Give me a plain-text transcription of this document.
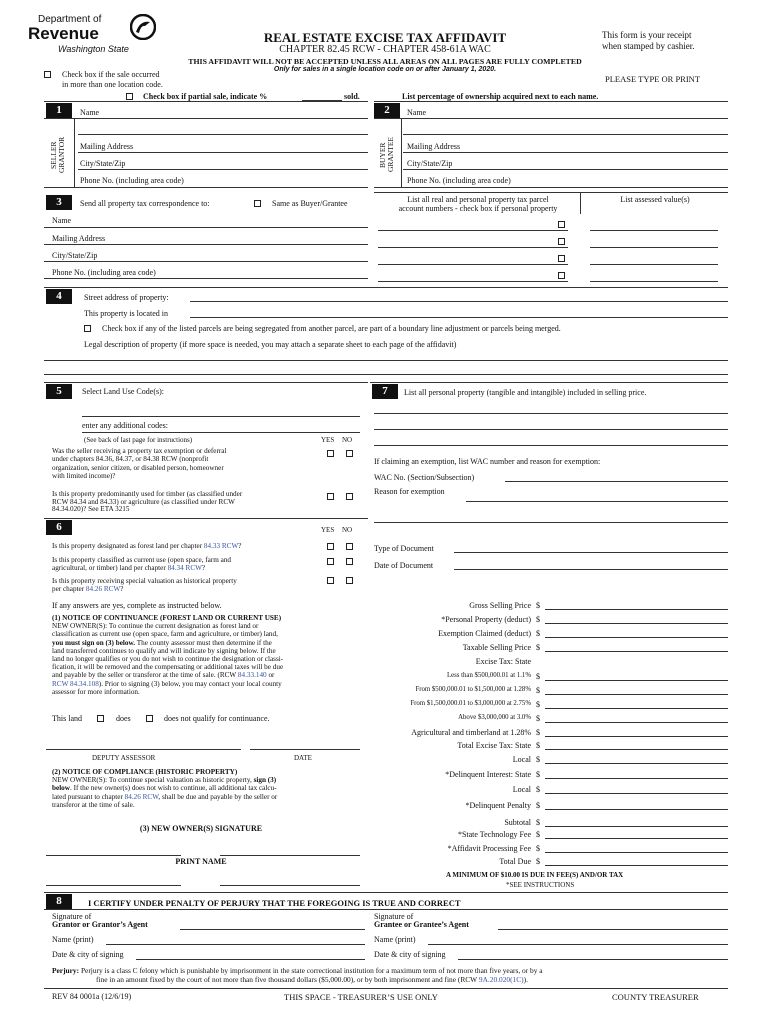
Department of
Revenue
Washington State
REAL ESTATE EXCISE TAX AFFIDAVIT
CHAPTER 82.45 RCW - CHAPTER 458-61A WAC
This form is your receipt
when stamped by cashier.
THIS AFFIDAVIT WILL NOT BE ACCEPTED UNLESS ALL AREAS ON ALL PAGES ARE FULLY COMPLETED
Only for sales in a single location code on or after January 1, 2020.
PLEASE TYPE OR PRINT
Check box if the sale occurred
in more than one location code.
Check box if partial sale, indicate %	sold.	List percentage of ownership acquired next to each name.
1	Name
SELLER GRANTOR Mailing Address
City/State/Zip
Phone No. (including area code)
2	Name
BUYER GRANTEE Mailing Address
City/State/Zip
Phone No. (including area code)
3	Send all property tax correspondence to:	Same as Buyer/Grantee
Name
Mailing Address
City/State/Zip
Phone No. (including area code)
List all real and personal property tax parcel
account numbers - check box if personal property
List assessed value(s)
4	Street address of property:
This property is located in
Check box if any of the listed parcels are being segregated from another parcel, are part of a boundary line adjustment or parcels being merged.
Legal description of property (if more space is needed, you may attach a separate sheet to each page of the affidavit)
5	Select Land Use Code(s):
enter any additional codes:
(See back of last page for instructions)	YES NO
Was the seller receiving a property tax exemption or deferral
under chapters 84.36, 84.37, or 84.38 RCW (nonprofit
organization, senior citizen, or disabled person, homeowner
with limited income)?
Is this property predominantly used for timber (as classified under
RCW 84.34 and 84.33) or agriculture (as classified under RCW
84.34.020)? See ETA 3215
6	YES NO
Is this property designated as forest land per chapter 84.33 RCW?
Is this property classified as current use (open space, farm and
agricultural, or timber) land per chapter 84.34 RCW?
Is this property receiving special valuation as historical property
per chapter 84.26 RCW?
If any answers are yes, complete as instructed below.
(1) NOTICE OF CONTINUANCE (FOREST LAND OR CURRENT USE)
NEW OWNER(S): To continue the current designation as forest land or
classification as current use (open space, farm and agriculture, or timber) land,
you must sign on (3) below. The county assessor must then determine if the
land transferred continues to qualify and will indicate by signing below. If the
land no longer qualifies or you do not wish to continue the designation or classi-
fication, it will be removed and the compensating or additional taxes will be due
and payable by the seller or transferor at the time of sale. (RCW 84.33.140 or
RCW 84.34.108). Prior to signing (3) below, you may contact your local county
assessor for more information.
This land	does	does not qualify for continuance.
DEPUTY ASSESSOR	DATE
(2) NOTICE OF COMPLIANCE (HISTORIC PROPERTY)
NEW OWNER(S): To continue special valuation as historic property, sign (3)
below. If the new owner(s) does not wish to continue, all additional tax calcu-
lated pursuant to chapter 84.26 RCW, shall be due and payable by the seller or
transferor at the time of sale.
(3) NEW OWNER(S) SIGNATURE
PRINT NAME
7	List all personal property (tangible and intangible) included in selling price.
If claiming an exemption, list WAC number and reason for exemption:
WAC No. (Section/Subsection)
Reason for exemption
Type of Document
Date of Document
Gross Selling Price $
*Personal Property (deduct) $
Exemption Claimed (deduct) $
Taxable Selling Price $
Excise Tax: State
Less than $500,000.01 at 1.1% $
From $500,000.01 to $1,500,000 at 1.28% $
From $1,500,000.01 to $3,000,000 at 2.75% $
Above $3,000,000 at 3.0% $
Agricultural and timberland at 1.28% $
Total Excise Tax: State $
Local $
*Delinquent Interest: State $
Local $
*Delinquent Penalty $
Subtotal $
*State Technology Fee $
*Affidavit Processing Fee $
Total Due $
A MINIMUM OF $10.00 IS DUE IN FEE(S) AND/OR TAX
*SEE INSTRUCTIONS
8	I CERTIFY UNDER PENALTY OF PERJURY THAT THE FOREGOING IS TRUE AND CORRECT
Signature of
Grantor or Grantor’s Agent
Name (print)
Date & city of signing
Signature of
Grantee or Grantee’s Agent
Name (print)
Date & city of signing
Perjury: Perjury is a class C felony which is punishable by imprisonment in the state correctional institution for a maximum term of not more than five years, or by a
fine in an amount fixed by the court of not more than five thousand dollars ($5,000.00), or by both imprisonment and fine (RCW 9A.20.020(1C)).
REV 84 0001a (12/6/19)	THIS SPACE - TREASURER’S USE ONLY	COUNTY TREASURER
